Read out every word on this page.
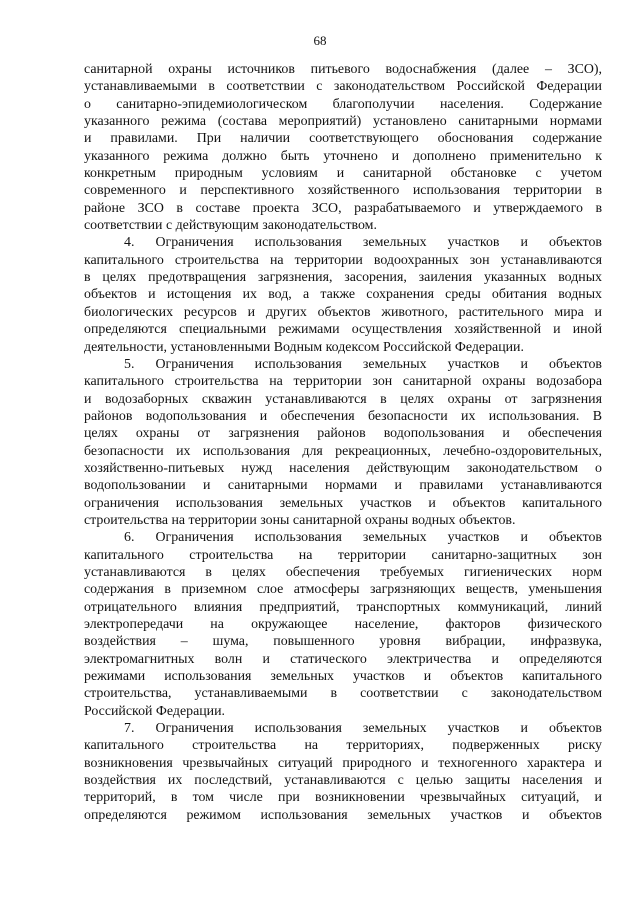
68
санитарной охраны источников питьевого водоснабжения (далее – ЗСО),
устанавливаемыми в соответствии с законодательством Российской Федерации
о санитарно-эпидемиологическом благополучии населения. Содержание
указанного режима (состава мероприятий) установлено санитарными нормами
и правилами. При наличии соответствующего обоснования содержание
указанного режима должно быть уточнено и дополнено применительно к
конкретным природным условиям и санитарной обстановке с учетом
современного и перспективного хозяйственного использования территории в
районе ЗСО в составе проекта ЗСО, разрабатываемого и утверждаемого в
соответствии с действующим законодательством.
4. Ограничения использования земельных участков и объектов
капитального строительства на территории водоохранных зон устанавливаются
в целях предотвращения загрязнения, засорения, заиления указанных водных
объектов и истощения их вод, а также сохранения среды обитания водных
биологических ресурсов и других объектов животного, растительного мира и
определяются специальными режимами осуществления хозяйственной и иной
деятельности, установленными Водным кодексом Российской Федерации.
5. Ограничения использования земельных участков и объектов
капитального строительства на территории зон санитарной охраны водозабора
и водозаборных скважин устанавливаются в целях охраны от загрязнения
районов водопользования и обеспечения безопасности их использования. В
целях охраны от загрязнения районов водопользования и обеспечения
безопасности их использования для рекреационных, лечебно-оздоровительных,
хозяйственно-питьевых нужд населения действующим законодательством о
водопользовании и санитарными нормами и правилами устанавливаются
ограничения использования земельных участков и объектов капитального
строительства на территории зоны санитарной охраны водных объектов.
6. Ограничения использования земельных участков и объектов
капитального строительства на территории санитарно-защитных зон
устанавливаются в целях обеспечения требуемых гигиенических норм
содержания в приземном слое атмосферы загрязняющих веществ, уменьшения
отрицательного влияния предприятий, транспортных коммуникаций, линий
электропередачи на окружающее население, факторов физического
воздействия – шума, повышенного уровня вибрации, инфразвука,
электромагнитных волн и статического электричества и определяются
режимами использования земельных участков и объектов капитального
строительства, устанавливаемыми в соответствии с законодательством
Российской Федерации.
7. Ограничения использования земельных участков и объектов
капитального строительства на территориях, подверженных риску
возникновения чрезвычайных ситуаций природного и техногенного характера и
воздействия их последствий, устанавливаются с целью защиты населения и
территорий, в том числе при возникновении чрезвычайных ситуаций, и
определяются режимом использования земельных участков и объектов
